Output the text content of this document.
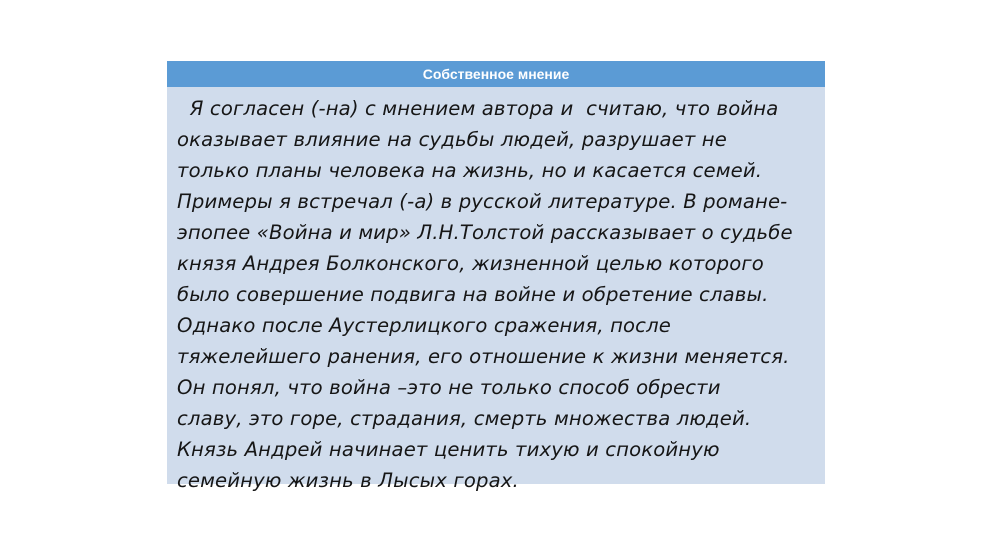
Собственное мнение
Я согласен (-на) с мнением автора и  считаю, что война
оказывает влияние на судьбы людей, разрушает не
только планы человека на жизнь, но и касается семей.
Примеры я встречал (-а) в русской литературе. В романе-
эпопее «Война и мир» Л.Н.Толстой рассказывает о судьбе
князя Андрея Болконского, жизненной целью которого
было совершение подвига на войне и обретение славы.
Однако после Аустерлицкого сражения, после
тяжелейшего ранения, его отношение к жизни меняется.
Он понял, что война –это не только способ обрести
славу, это горе, страдания, смерть множества людей.
Князь Андрей начинает ценить тихую и спокойную
семейную жизнь в Лысых горах.
